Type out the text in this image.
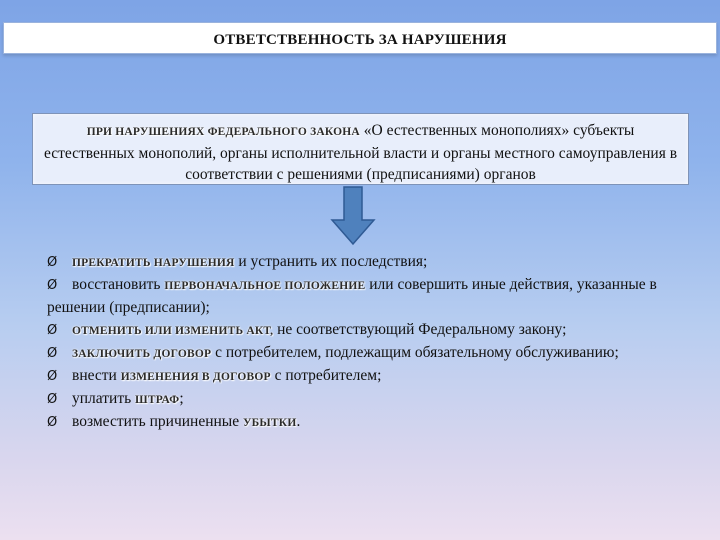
ОТВЕТСТВЕННОСТЬ ЗА НАРУШЕНИЯ
ПРИ НАРУШЕНИЯХ ФЕДЕРАЛЬНОГО ЗАКОНА «О естественных монополиях» субъекты естественных монополий, органы исполнительной власти и органы местного самоуправления в соответствии с решениями (предписаниями) органов

Ø ПРЕКРАТИТЬ НАРУШЕНИЯ и устранить их последствия;

Ø восстановить ПЕРВОНАЧАЛЬНОЕ ПОЛОЖЕНИЕ или совершить иные действия, указанные в решении (предписании);

Ø ОТМЕНИТЬ ИЛИ ИЗМЕНИТЬ АКТ, не соответствующий Федеральному закону;

Ø ЗАКЛЮЧИТЬ ДОГОВОР с потребителем, подлежащим обязательному обслуживанию;

Ø внести ИЗМЕНЕНИЯ В ДОГОВОР с потребителем;

Ø уплатить ШТРАФ;

Ø возместить причиненные УБЫТКИ.
